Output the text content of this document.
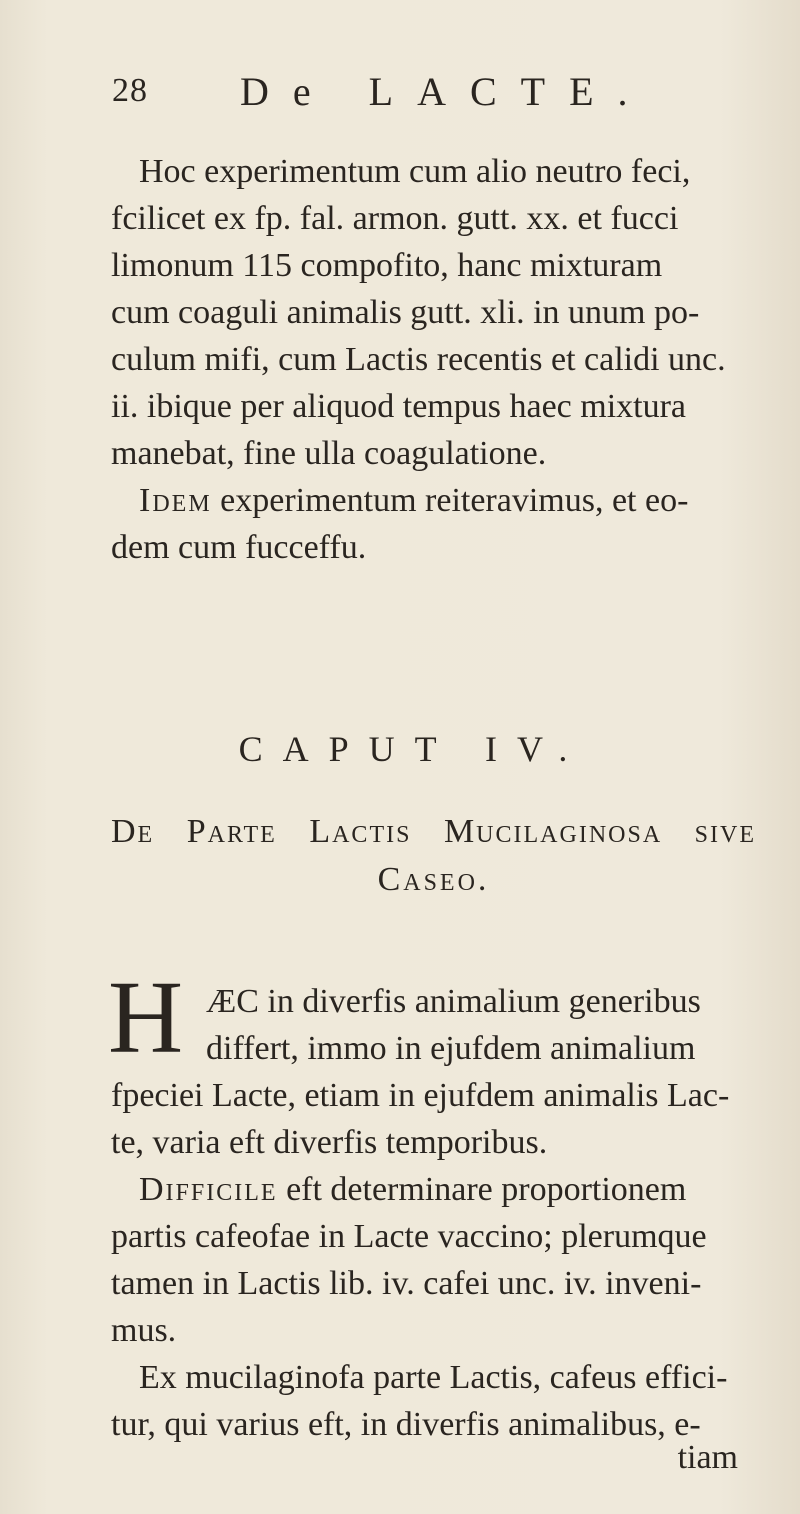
28 De LACTE.
Hoc experimentum cum alio neutro feci,
fcilicet ex fp. fal. armon. gutt. xx. et fucci
limonum 115 compofito, hanc mixturam
cum coaguli animalis gutt. xli. in unum po-
culum mifi, cum Lactis recentis et calidi unc.
ii. ibique per aliquod tempus haec mixtura
manebat, fine ulla coagulatione.
Idem experimentum reiteravimus, et eo-
dem cum fucceffu.
CAPUT IV.
De Parte Lactis Mucilaginosa sive
Caseo.
H ÆC in diverfis animalium generibus
differt, immo in ejufdem animalium
fpeciei Lacte, etiam in ejufdem animalis Lac-
te, varia eft diverfis temporibus.
Difficile eft determinare proportionem
partis cafeofae in Lacte vaccino; plerumque
tamen in Lactis lib. iv. cafei unc. iv. inveni-
mus.
Ex mucilaginofa parte Lactis, cafeus effici-
tur, qui varius eft, in diverfis animalibus, e-
tiam
